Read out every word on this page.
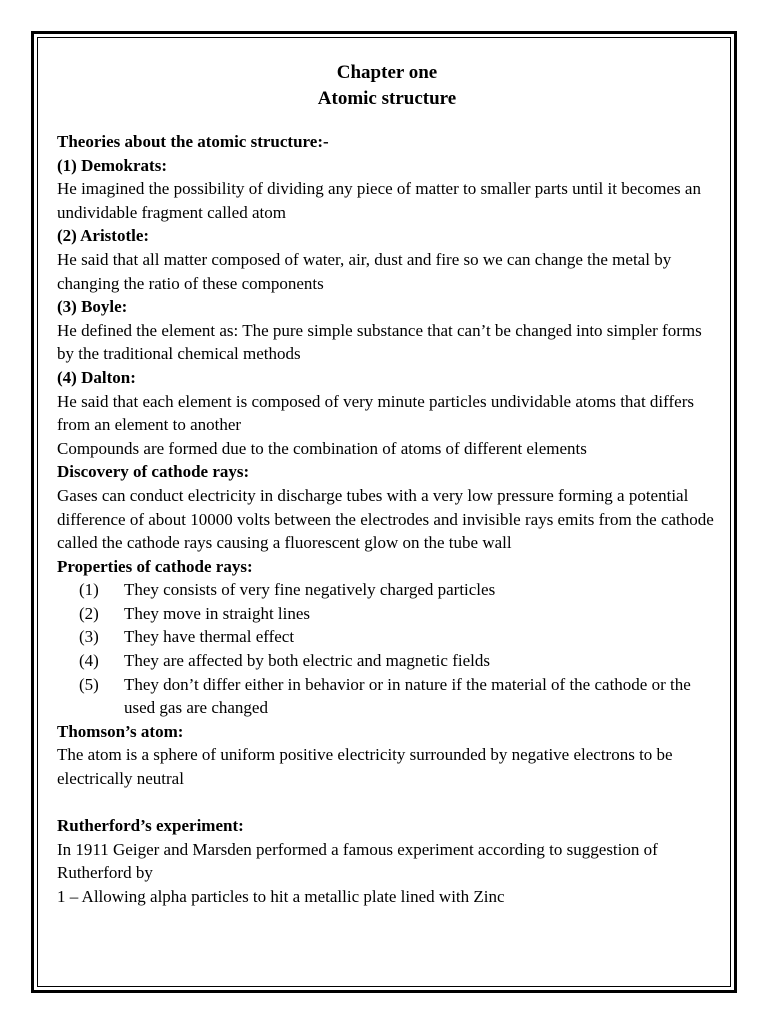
Chapter one
Atomic structure
Theories about the atomic structure:-
(1) Demokrats:
He imagined the possibility of dividing any piece of matter to smaller parts until it becomes an undividable fragment called atom
(2) Aristotle:
He said that all matter composed of water, air, dust and fire so we can change the metal by changing the ratio of these components
(3) Boyle:
He defined the element as: The pure simple substance that can’t be changed into simpler forms by the traditional chemical methods
(4) Dalton:
He said that each element is composed of very minute particles undividable atoms that differs from an element to another
Compounds are formed due to the combination of atoms of different elements
Discovery of cathode rays:
Gases can conduct electricity in discharge tubes with a very low pressure forming a potential difference of about 10000 volts between the electrodes and invisible rays emits from the cathode called the cathode rays causing a fluorescent glow on the tube wall
Properties of cathode rays:
(1) They consists of very fine negatively charged particles
(2) They move in straight lines
(3) They have thermal effect
(4) They are affected by both electric and magnetic fields
(5) They don’t differ either in behavior or in nature if the material of the cathode or the used gas are changed
Thomson’s atom:
The atom is a sphere of uniform positive electricity surrounded by negative electrons to be electrically neutral
Rutherford’s experiment:
In 1911 Geiger and Marsden performed a famous experiment according to suggestion of Rutherford by
1 – Allowing alpha particles to hit a metallic plate lined with Zinc
